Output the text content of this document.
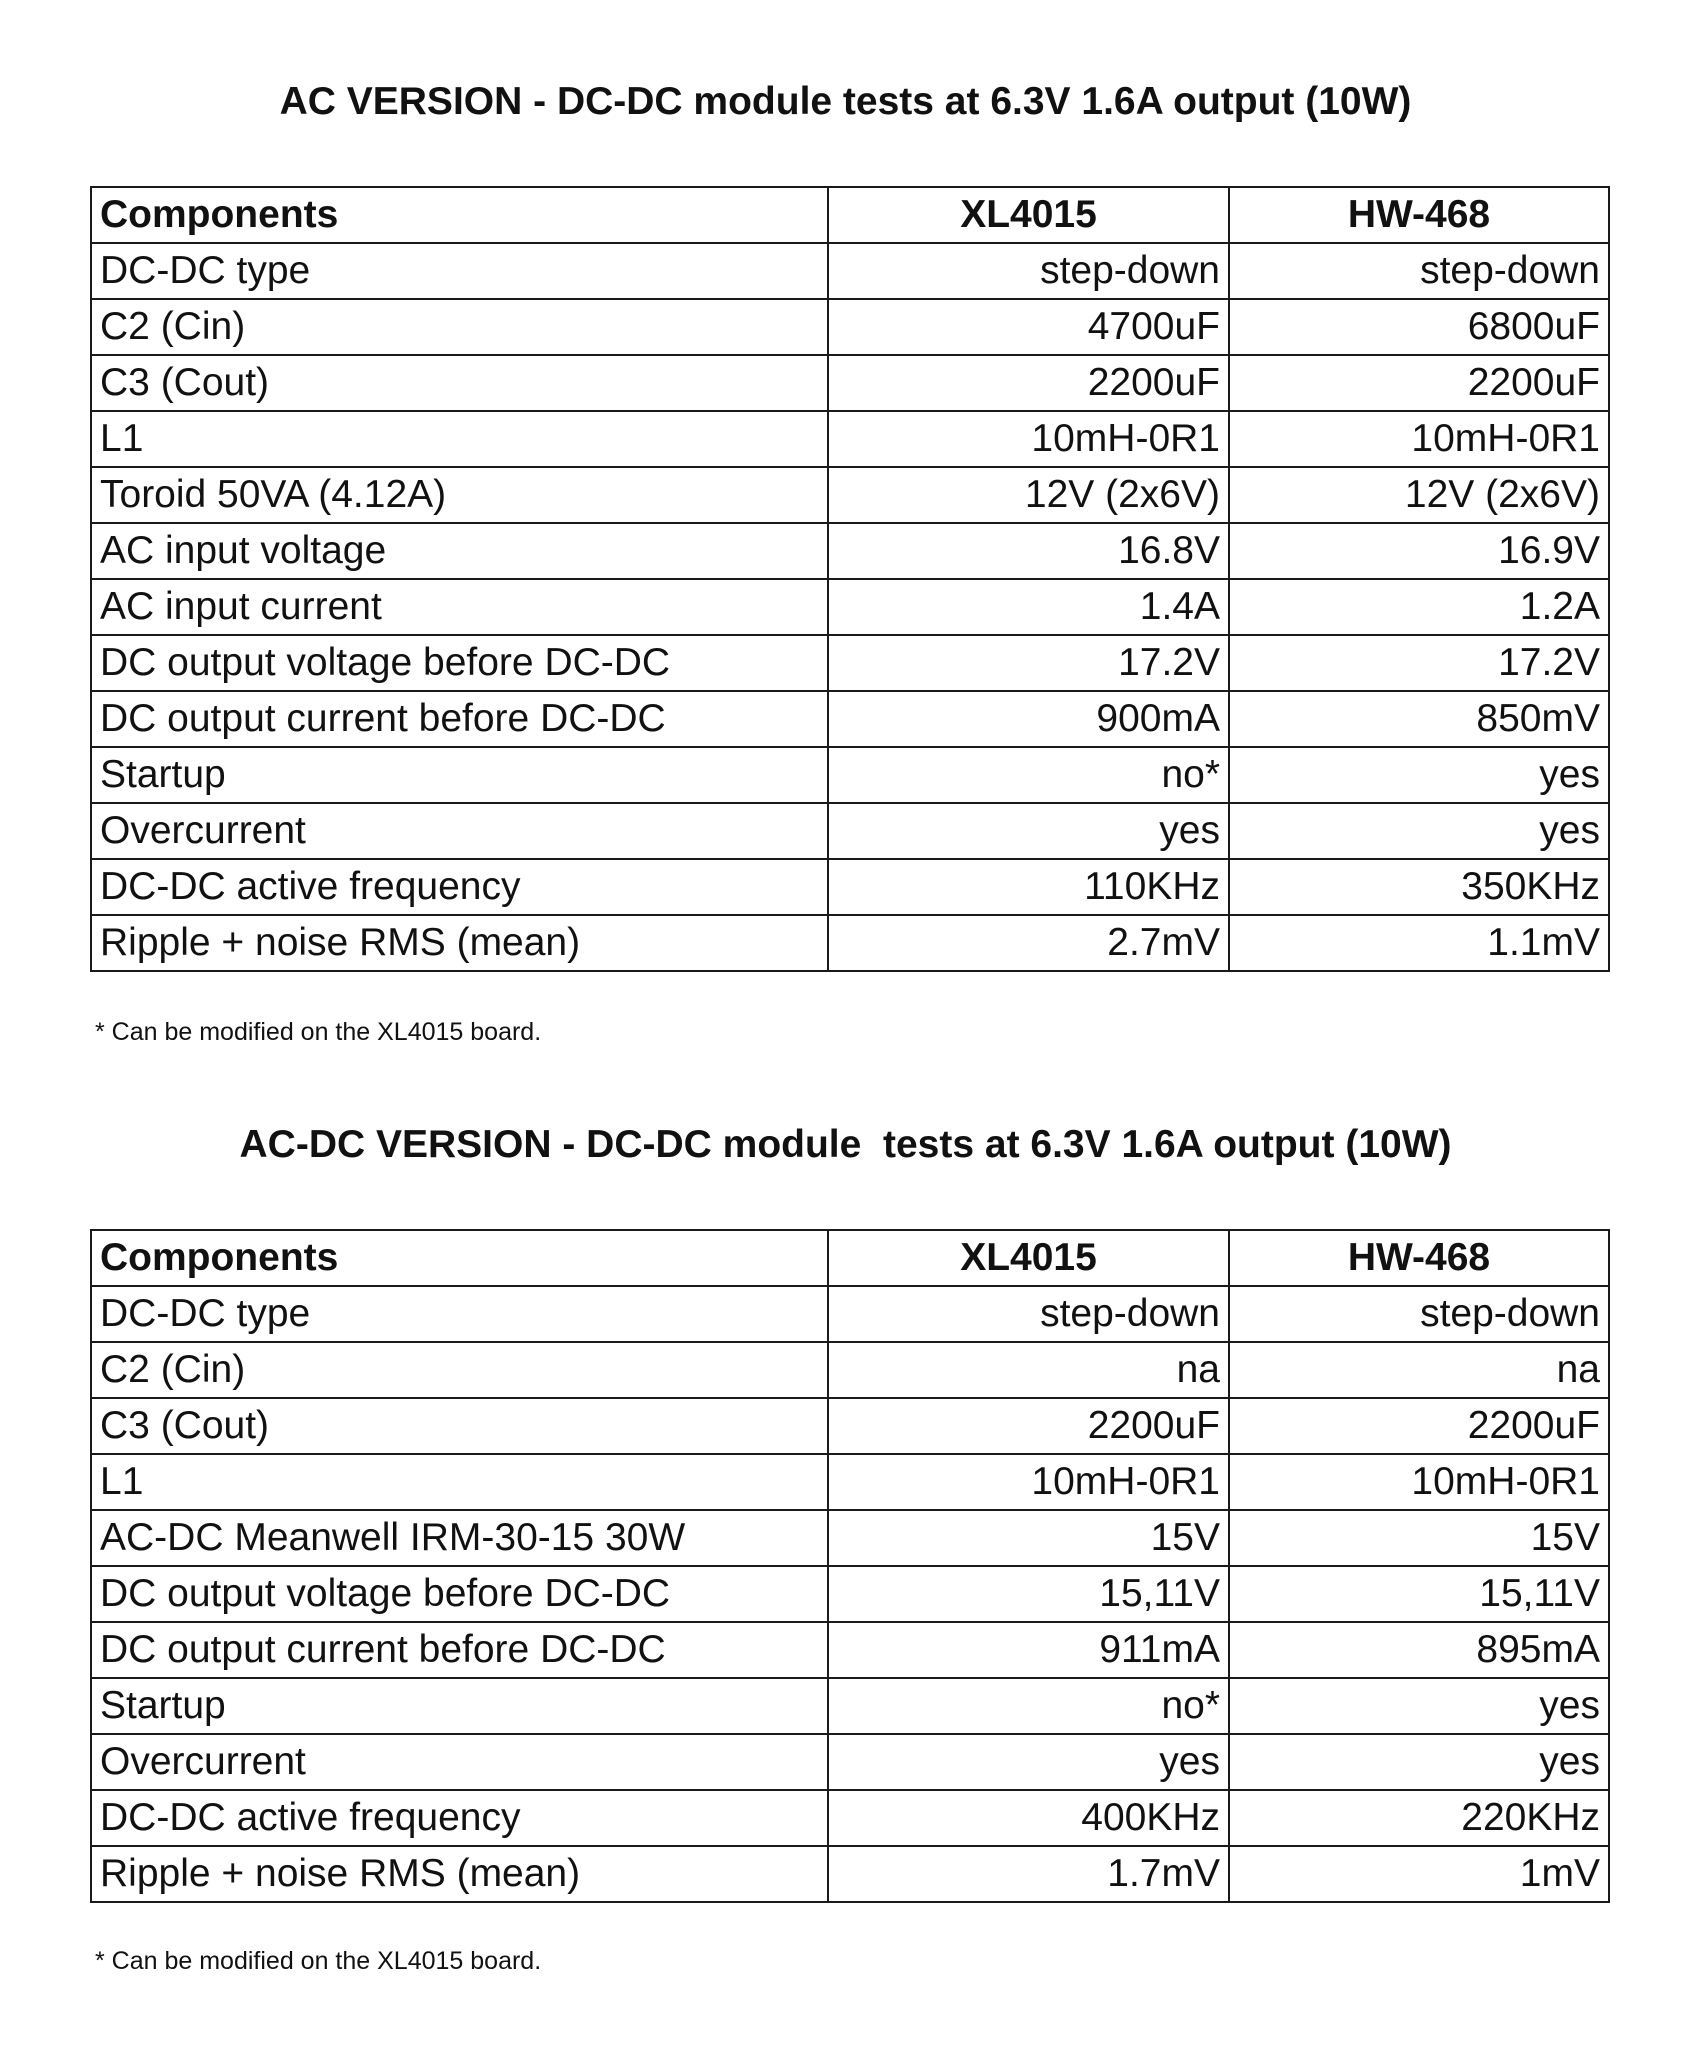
AC VERSION - DC-DC module tests at 6.3V 1.6A output (10W)
Components	XL4015	HW-468
DC-DC type	step-down	step-down
C2 (Cin)	4700uF	6800uF
C3 (Cout)	2200uF	2200uF
L1	10mH-0R1	10mH-0R1
Toroid 50VA (4.12A)	12V (2x6V)	12V (2x6V)
AC input voltage	16.8V	16.9V
AC input current	1.4A	1.2A
DC output voltage before DC-DC	17.2V	17.2V
DC output current before DC-DC	900mA	850mV
Startup	no*	yes
Overcurrent	yes	yes
DC-DC active frequency	110KHz	350KHz
Ripple + noise RMS (mean)	2.7mV	1.1mV

* Can be modified on the XL4015 board.

AC-DC VERSION - DC-DC module  tests at 6.3V 1.6A output (10W)
Components	XL4015	HW-468
DC-DC type	step-down	step-down
C2 (Cin)	na	na
C3 (Cout)	2200uF	2200uF
L1	10mH-0R1	10mH-0R1
AC-DC Meanwell IRM-30-15 30W	15V	15V
DC output voltage before DC-DC	15,11V	15,11V
DC output current before DC-DC	911mA	895mA
Startup	no*	yes
Overcurrent	yes	yes
DC-DC active frequency	400KHz	220KHz
Ripple + noise RMS (mean)	1.7mV	1mV

* Can be modified on the XL4015 board.
